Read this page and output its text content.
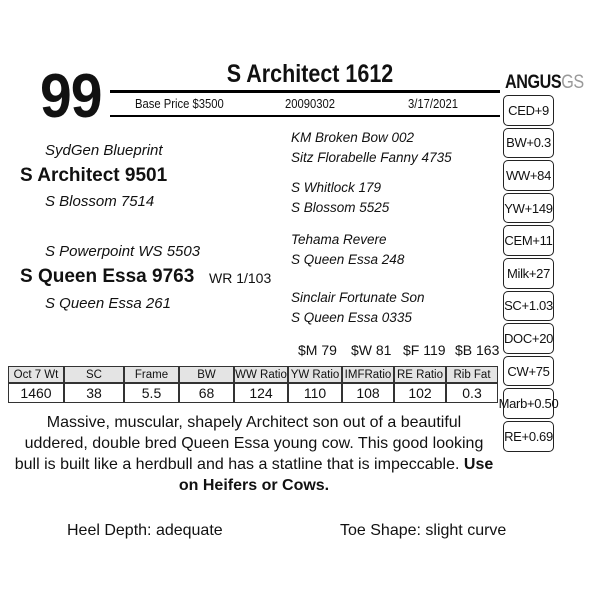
99	S Architect 1612
Base Price $3500	20090302	3/17/2021
ANGUSGS
CED+9
BW+0.3
WW+84
YW+149
CEM+11
Milk+27
SC+1.03
DOC+20
CW+75
Marb+0.50
RE+0.69
SydGen Blueprint
S Architect 9501
S Blossom 7514
S Powerpoint WS 5503
S Queen Essa 9763 WR 1/103
S Queen Essa 261
KM Broken Bow 002
Sitz Florabelle Fanny 4735
S Whitlock 179
S Blossom 5525
Tehama Revere
S Queen Essa 248
Sinclair Fortunate Son
S Queen Essa 0335
$M 79 $W 81 $F 119 $B 163
Oct 7 Wt	SC	Frame	BW	WW Ratio	YW Ratio	IMFRatio	RE Ratio	Rib Fat
1460	38	5.5	68	124	110	108	102	0.3
Massive, muscular, shapely Architect son out of a beautiful uddered, double bred Queen Essa young cow. This good looking bull is built like a herdbull and has a statline that is impeccable. Use on Heifers or Cows.
Heel Depth: adequate	Toe Shape: slight curve
